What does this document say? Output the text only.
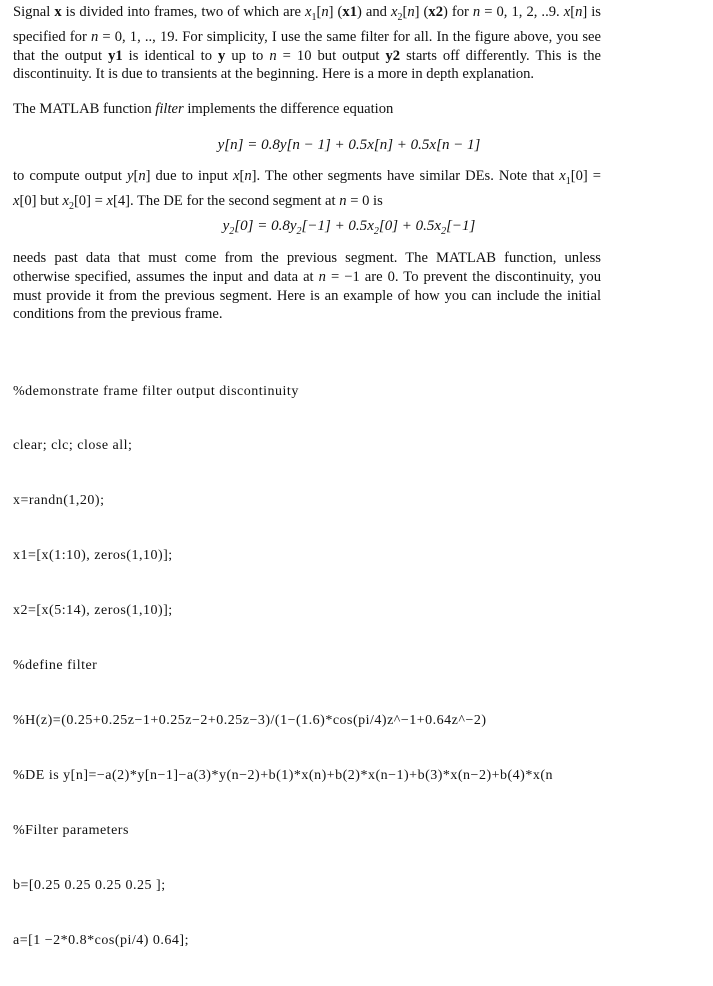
Signal x is divided into frames, two of which are $x_1[n]$ (x1) and $x_2[n]$ (x2) for n = 0, 1, 2, ..9. x[n] is specified for n = 0, 1, .., 19. For simplicity, I use the same filter for all. In the figure above, you see that the output y1 is identical to y up to n = 10 but output y2 starts off differently. This is the discontinuity. It is due to transients at the beginning. Here is a more in depth explanation.
The MATLAB function filter implements the difference equation
y[n] = 0.8y[n − 1] + 0.5x[n] + 0.5x[n − 1]
to compute output y[n] due to input x[n]. The other segments have similar DEs. Note that $x_1[0] = x[0]$ but $x_2[0] = x[4]$. The DE for the second segment at n = 0 is
$y_2[0] = 0.8y_2[-1] + 0.5x_2[0] + 0.5x_2[-1]$
needs past data that must come from the previous segment. The MATLAB function, unless otherwise specified, assumes the input and data at n = −1 are 0. To prevent the discontinuity, you must provide it from the previous segment. Here is an example of how you can include the initial conditions from the previous frame.

%demonstrate frame filter output discontinuity

clear; clc; close all;

x=randn(1,20);

x1=[x(1:10), zeros(1,10)];

x2=[x(5:14), zeros(1,10)];

%define filter

%H(z)=(0.25+0.25z−1+0.25z−2+0.25z−3)/(1−(1.6)*cos(pi/4)z^−1+0.64z^−2)

%DE is y[n]=−a(2)*y[n−1]−a(3)*y(n−2)+b(1)*x(n)+b(2)*x(n−1)+b(3)*x(n−2)+b(4)*x(n

%Filter parameters

b=[0.25 0.25 0.25 0.25 ];

a=[1 −2*0.8*cos(pi/4) 0.64];
